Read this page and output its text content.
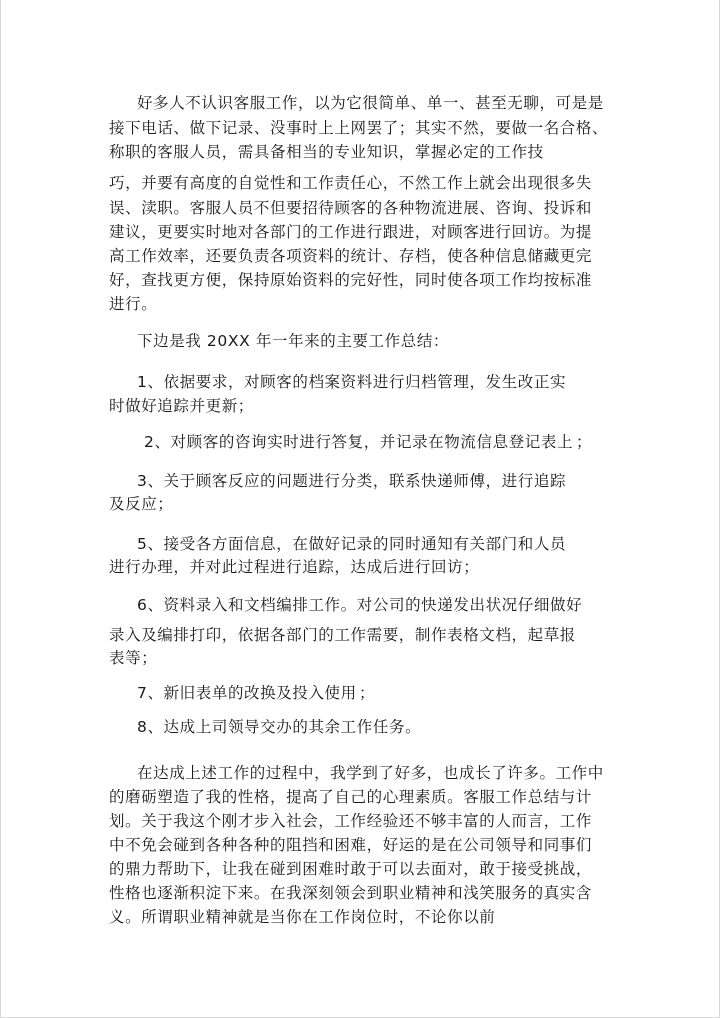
好多人不认识客服工作，以为它很简单、单一、甚至无聊，可是是
接下电话、做下记录、没事时上上网罢了；其实不然，要做一名合格、
称职的客服人员，需具备相当的专业知识，掌握必定的工作技
巧，并要有高度的自觉性和工作责任心，不然工作上就会出现很多失
误、渎职。客服人员不但要招待顾客的各种物流进展、咨询、投诉和
建议，更要实时地对各部门的工作进行跟进，对顾客进行回访。为提
高工作效率，还要负责各项资料的统计、存档，使各种信息储藏更完
好，查找更方便，保持原始资料的完好性，同时使各项工作均按标准
进行。
下边是我 20XX 年一年来的主要工作总结：
1、依据要求，对顾客的档案资料进行归档管理，发生改正实
时做好追踪并更新；
2、对顾客的咨询实时进行答复，并记录在物流信息登记表上 ；
3、关于顾客反应的问题进行分类，联系快递师傅，进行追踪
及反应；
5、接受各方面信息，在做好记录的同时通知有关部门和人员
进行办理，并对此过程进行追踪，达成后进行回访；
6、资料录入和文档编排工作。对公司的快递发出状况仔细做好
录入及编排打印，依据各部门的工作需要，制作表格文档，起草报
表等；
7、新旧表单的改换及投入使用 ；
8、达成上司领导交办的其余工作任务。
在达成上述工作的过程中，我学到了好多，也成长了许多。工作中
的磨砺塑造了我的性格，提高了自己的心理素质。客服工作总结与计
划。关于我这个刚才步入社会，工作经验还不够丰富的人而言，工作
中不免会碰到各种各种的阻挡和困难，好运的是在公司领导和同事们
的鼎力帮助下，让我在碰到困难时敢于可以去面对，敢于接受挑战，
性格也逐渐积淀下来。在我深刻领会到职业精神和浅笑服务的真实含
义。所谓职业精神就是当你在工作岗位时，不论你以前
